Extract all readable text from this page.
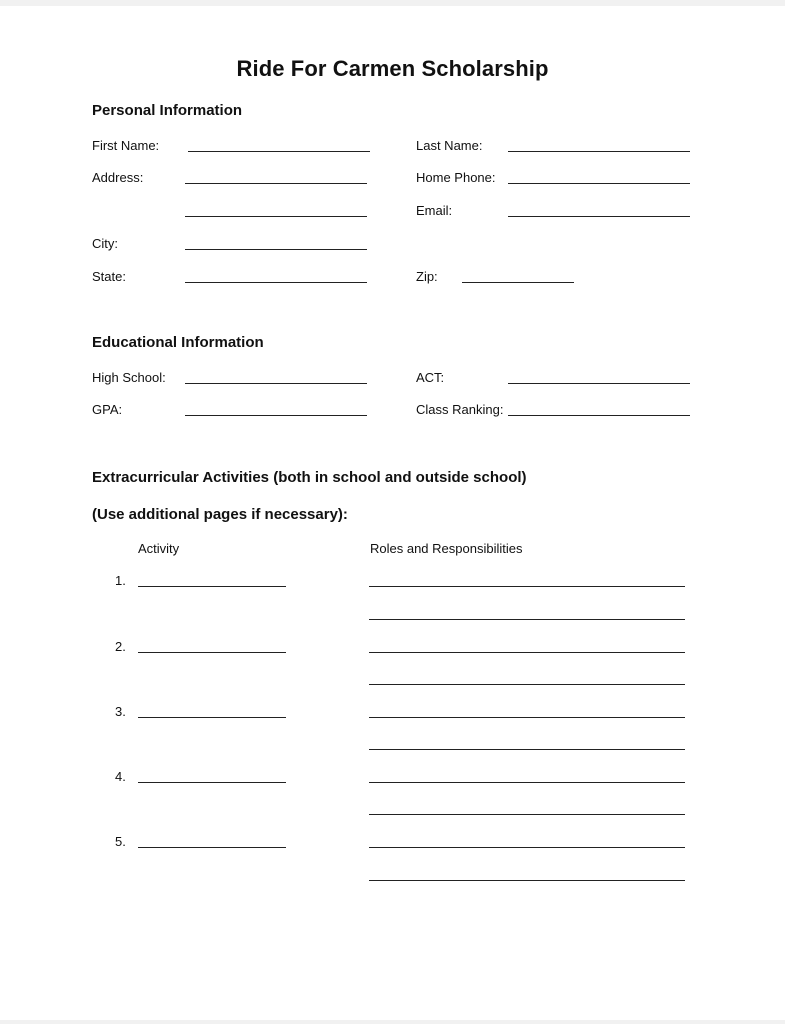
Ride For Carmen Scholarship
Personal Information
First Name:	Last Name:
Address:	Home Phone:
Email:
City:
State:	Zip:
Educational Information
High School:	ACT:
GPA:	Class Ranking:
Extracurricular Activities (both in school and outside school)
(Use additional pages if necessary):
Activity	Roles and Responsibilities
1.
2.
3.
4.
5.
